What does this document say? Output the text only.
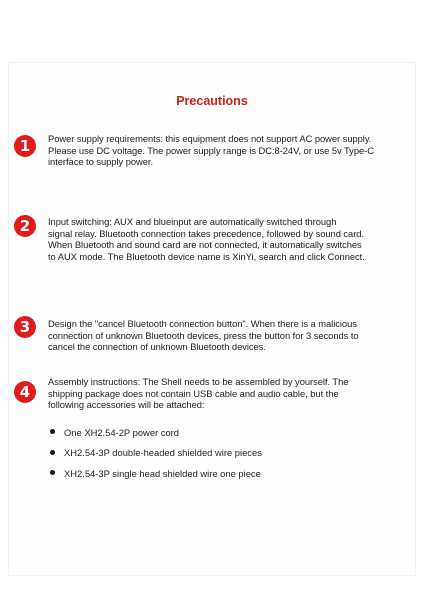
Precautions
1	Power supply requirements: this equipment does not support AC power supply.
Please use DC voltage. The power supply range is DC:8-24V, or use 5v Type-C
interface to supply power.
2	Input switching: AUX and blueinput are automatically switched through
signal relay. Bluetooth connection takes precedence, followed by sound card.
When Bluetooth and sound card are not connected, it automatically switches
to AUX mode. The Bluetooth device name is XinYi, search and click Connect.
3	Design the "cancel Bluetooth connection button". When there is a malicious
connection of unknown Bluetooth devices, press the button for 3 seconds to
cancel the connection of unknown Bluetooth devices.
4
Assembly instructions: The Shell needs to be assembled by yourself. The
shipping package does not contain USB cable and audio cable, but the
following accessories will be attached:
One XH2.54-2P power cord
XH2.54-3P double-headed shielded wire pieces
XH2.54-3P single head shielded wire one piece
